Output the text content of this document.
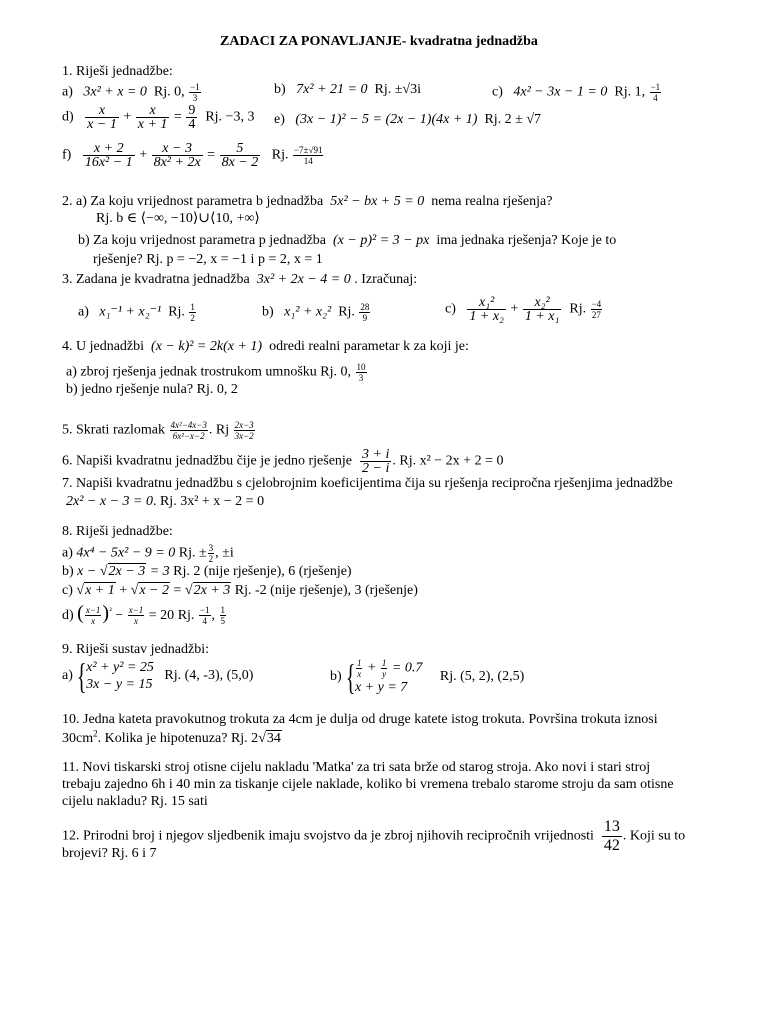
ZADACI ZA PONAVLJANJE- kvadratna jednadžba
1. Riješi jednadžbe:
a) 3x² + x = 0 Rj. 0, $\frac{-1}{3}$	b) 7x² + 21 = 0 Rj. ±√3i	c) 4x² − 3x − 1 = 0 Rj. 1, $\frac{-1}{4}$
$d) \frac{x}{x - 1} + \frac{x}{x + 1} = \frac{9}{4} Rj$. −3, 3 e) (3x − 1)² − 5 = (2x − 1)(4x + 1) Rj. 2 ± √7
$f) \frac{x + 2}{\text{16x² − 1}} + \frac{x - 3}{\text{8x² + 2x}} = \frac{5}{8x - 2} Rj$. $\frac{-7\pm√91}{14}$
2. a) Za koju vrijednost parametra b jednadžba 5x² − bx + 5 = 0 nema realna rješenja?
Rj. b ∈ ⟨−∞, −10⟩∪⟨10, +∞⟩
b) Za koju vrijednost parametra p jednadžba (x − p)² = 3 − px ima jednaka rješenja? Koje je to
rješenje? Rj. p = −2, x = −1 i p = 2, x = 1
3. Zadana je kvadratna jednadžba 3x² + 2x − 4 = 0 . Izračunaj:
a) x₁⁻¹ + x₂⁻¹ Rj. $\frac{1}{2}$	b) x₁² + x₂² Rj. $\frac{28}{9}$	$c) \frac{\text{x₁²}}{\text{1 + x₂}} + \frac{\text{x₂²}}{\text{1 + x₁}} Rj$. $\frac{-4}{27}$
4. U jednadžbi (x − k)² = 2k(x + 1) odredi realni parametar k za koji je:
a) zbroj rješenja jednak trostrukom umnošku Rj. 0, $\frac{10}{3}$
b) jedno rješenje nula? Rj. 0, 2
5. Skrati razlomak $\frac{\text{4x²−4x−3}}{\text{6x²−x−2}}$ . Rj $\frac{2x-3}{3x-2}$
6. Napiši kvadratnu jednadžbu čije je jedno rješenje $\frac{3 + i}{2 - i}$ . Rj. x² − 2x + 2 = 0
7. Napiši kvadratnu jednadžbu s cjelobrojnim koeficijentima čija su rješenja recipročna rješenjima jednadžbe
2x² − x − 3 = 0. Rj. 3x² + x − 2 = 0
8. Riješi jednadžbe:
a) 4x⁴ − 5x² − 9 = 0 Rj. ± $\frac{3}{2}$ , ±i
b) x − √2x − 3 = 3 Rj. 2 (nije rješenje), 6 (rješenje)
c) √x + 1 + √x − 2 = √2x + 3 Rj. -2 (nije rješenje), 3 (rješenje)
d) ( $\frac{x-1}{x} )^{^2} - \frac{x-1}{x} = 20$ Rj. $\frac{-1}{4}$ , $\frac{1}{5}$
9. Riješi sustav jednadžbi:
a) { x² + y² = 25
3x − y = 15
Rj. (4, -3), (5,0)	b) { $\frac{1}{x} + \frac{1}{y} = 0.7$
x + y = 7
Rj. (5, 2), (2,5)
10. Jedna kateta pravokutnog trokuta za 4cm je dulja od druge katete istog trokuta. Površina trokuta iznosi
$30cm^2$. Kolika je hipotenuza? Rj. 2√34
11. Novi tiskarski stroj otisne cijelu nakladu 'Matka' za tri sata brže od starog stroja. Ako novi i stari stroj
trebaju zajedno 6h i 40 min za tiskanje cijele naklade, koliko bi vremena trebalo starome stroju da sam otisne
cijelu nakladu? Rj. 15 sati
12. Prirodni broj i njegov sljedbenik imaju svojstvo da je zbroj njihovih recipročnih vrijednosti $\frac{13}{42}$ . Koji su to
brojevi? Rj. 6 i 7
